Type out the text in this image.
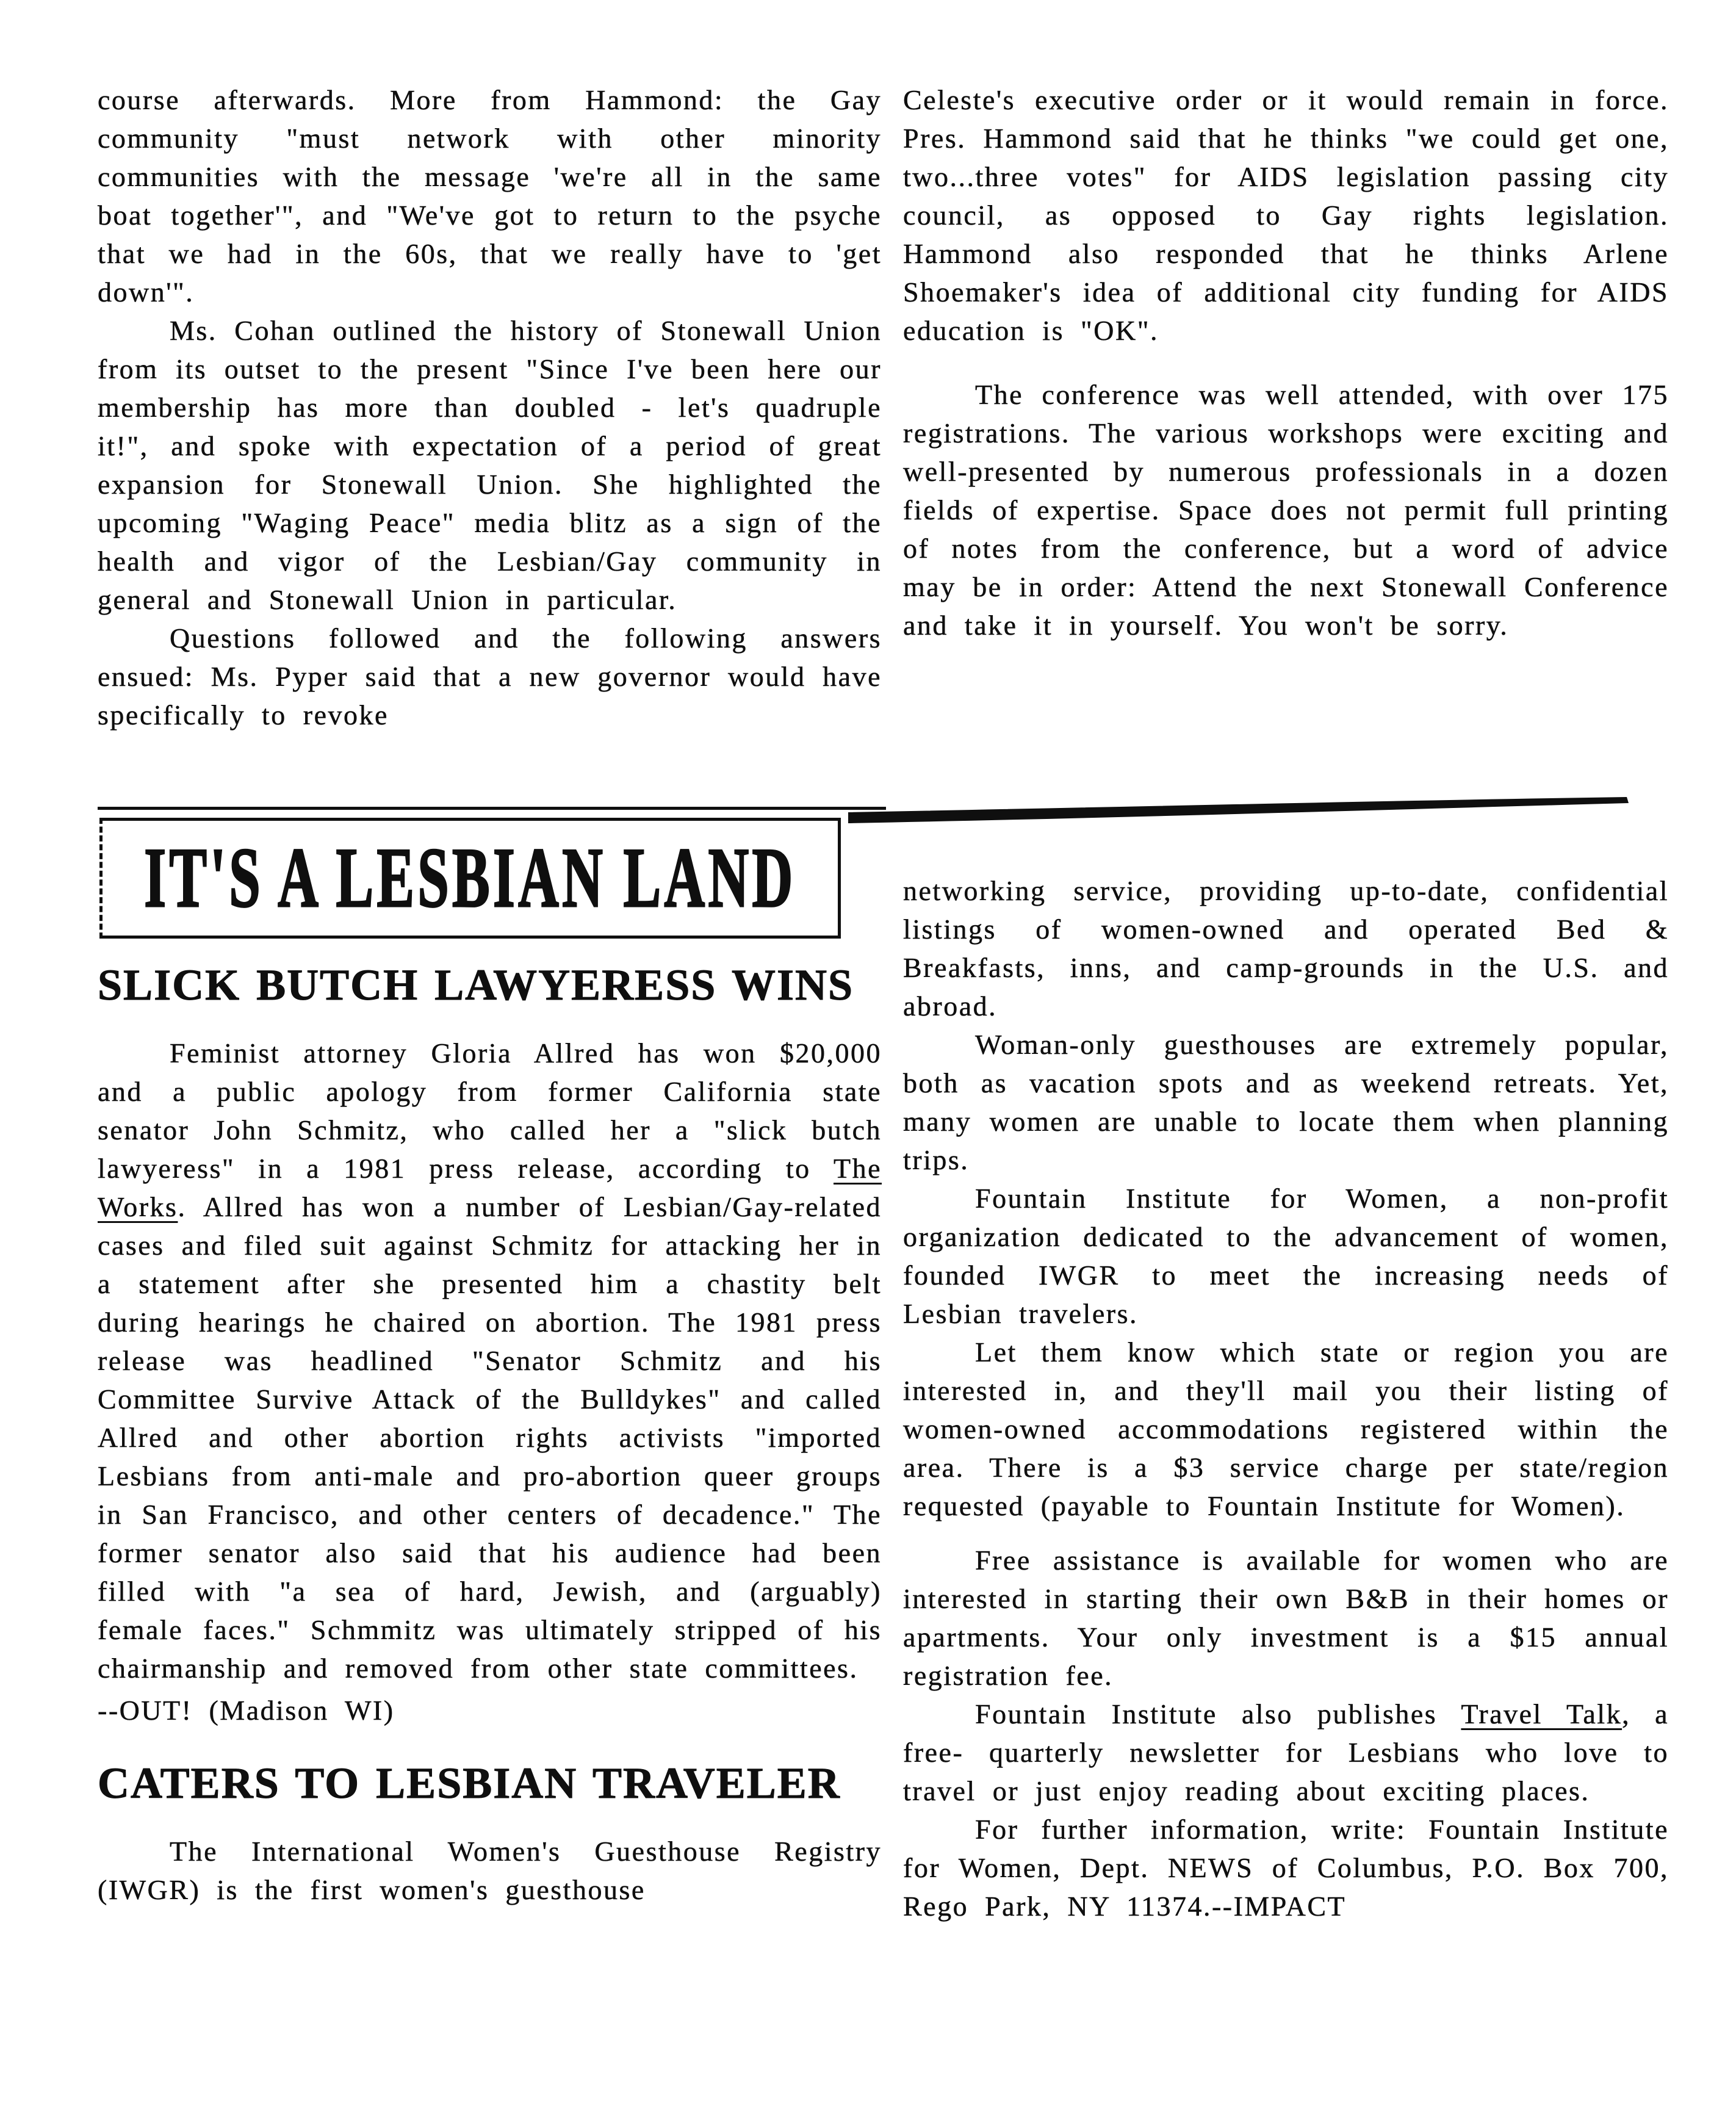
course afterwards. More from Hammond: the Gay community "must network with other minority communities with the message 'we're all in the same boat together'", and "We've got to return to the psyche that we had in the 60s, that we really have to 'get down'".

Ms. Cohan outlined the history of Stonewall Union from its outset to the present "Since I've been here our membership has more than doubled - let's quadruple it!", and spoke with expectation of a period of great expansion for Stonewall Union. She highlighted the upcoming "Waging Peace" media blitz as a sign of the health and vigor of the Lesbian/Gay community in general and Stonewall Union in particular.

Questions followed and the following answers ensued: Ms. Pyper said that a new governor would have specifically to revoke

Celeste's executive order or it would remain in force. Pres. Hammond said that he thinks "we could get one, two...three votes" for AIDS legislation passing city council, as opposed to Gay rights legislation. Hammond also responded that he thinks Arlene Shoemaker's idea of additional city funding for AIDS education is "OK".

The conference was well attended, with over 175 registrations. The various workshops were exciting and well-presented by numerous professionals in a dozen fields of expertise. Space does not permit full printing of notes from the conference, but a word of advice may be in order: Attend the next Stonewall Conference and take it in yourself. You won't be sorry.

IT'S A LESBIAN LAND
SLICK BUTCH LAWYERESS WINS

Feminist attorney Gloria Allred has won $20,000 and a public apology from former California state senator John Schmitz, who called her a "slick butch lawyeress" in a 1981 press release, according to The Works. Allred has won a number of Lesbian/Gay-related cases and filed suit against Schmitz for attacking her in a statement after she presented him a chastity belt during hearings he chaired on abortion. The 1981 press release was headlined "Senator Schmitz and his Committee Survive Attack of the Bulldykes" and called Allred and other abortion rights activists "imported Lesbians from anti-male and pro-abortion queer groups in San Francisco, and other centers of decadence." The former senator also said that his audience had been filled with "a sea of hard, Jewish, and (arguably) female faces." Schmmitz was ultimately stripped of his chairmanship and removed from other state committees.

--OUT! (Madison WI)

CATERS TO LESBIAN TRAVELER

The International Women's Guesthouse Registry (IWGR) is the first women's guesthouse

networking service, providing up-to-date, confidential listings of women-owned and operated Bed & Breakfasts, inns, and camp-grounds in the U.S. and abroad.

Woman-only guesthouses are extremely popular, both as vacation spots and as weekend retreats. Yet, many women are unable to locate them when planning trips.

Fountain Institute for Women, a non-profit organization dedicated to the advancement of women, founded IWGR to meet the increasing needs of Lesbian travelers.

Let them know which state or region you are interested in, and they'll mail you their listing of women-owned accommodations registered within the area. There is a $3 service charge per state/region requested (payable to Fountain Institute for Women).

Free assistance is available for women who are interested in starting their own B&B in their homes or apartments. Your only investment is a $15 annual registration fee.

Fountain Institute also publishes Travel Talk, a free- quarterly newsletter for Lesbians who love to travel or just enjoy reading about exciting places.

For further information, write: Fountain Institute for Women, Dept. NEWS of Columbus, P.O. Box 700, Rego Park, NY 11374.--IMPACT
